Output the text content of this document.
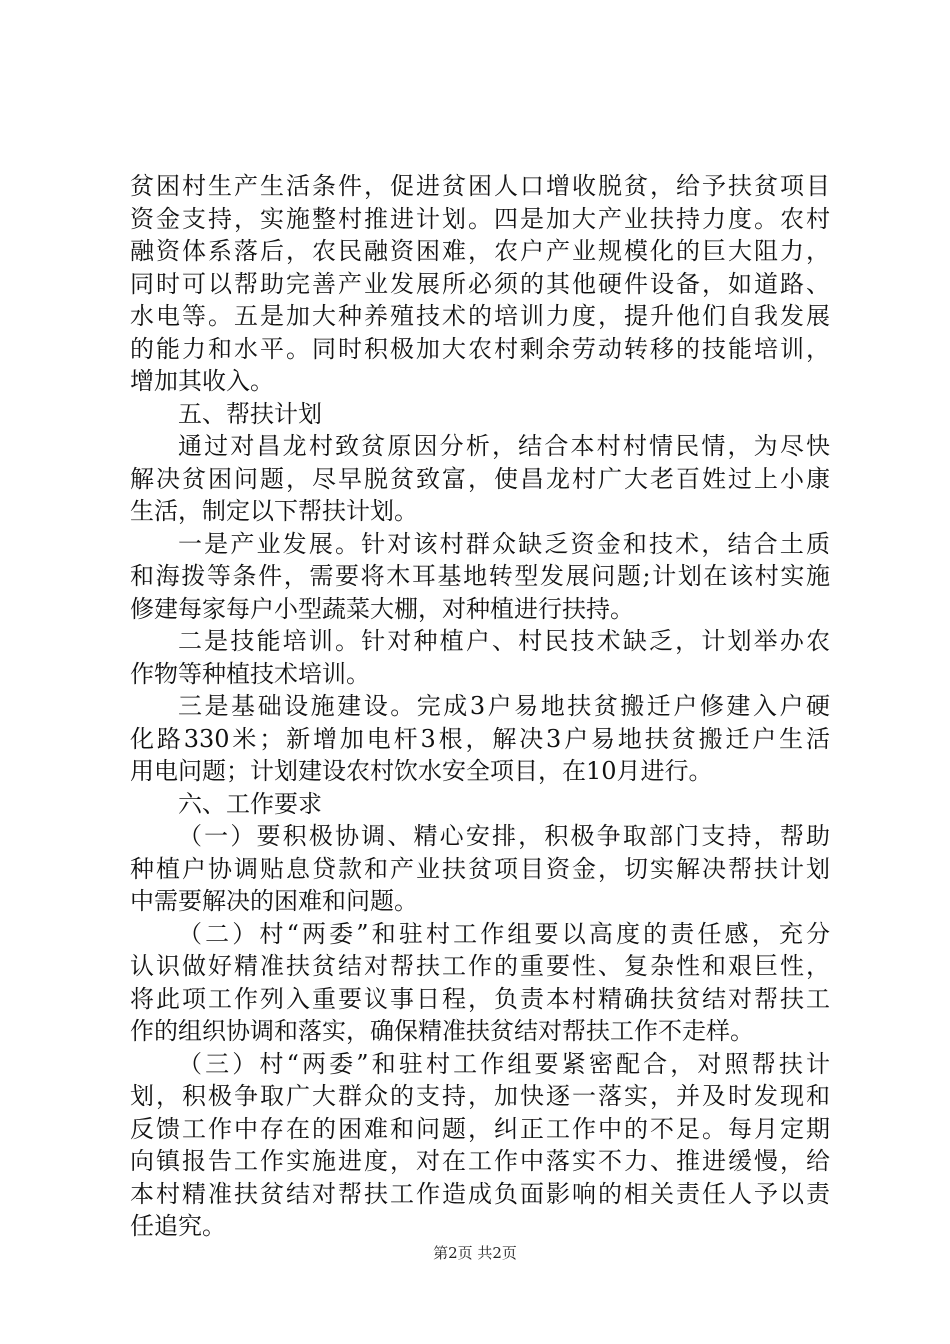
贫困村生产生活条件，促进贫困人口增收脱贫，给予扶贫项目
资金支持，实施整村推进计划。四是加大产业扶持力度。农村
融资体系落后，农民融资困难，农户产业规模化的巨大阻力，
同时可以帮助完善产业发展所必须的其他硬件设备，如道路、
水电等。五是加大种养殖技术的培训力度，提升他们自我发展
的能力和水平。同时积极加大农村剩余劳动转移的技能培训，
增加其收入。
五、帮扶计划
通过对昌龙村致贫原因分析，结合本村村情民情，为尽快
解决贫困问题，尽早脱贫致富，使昌龙村广大老百姓过上小康
生活，制定以下帮扶计划。
一是产业发展。针对该村群众缺乏资金和技术，结合土质
和海拨等条件，需要将木耳基地转型发展问题;计划在该村实施
修建每家每户小型蔬菜大棚，对种植进行扶持。
二是技能培训。针对种植户、村民技术缺乏，计划举办农
作物等种植技术培训。
三是基础设施建设。完成3户易地扶贫搬迁户修建入户硬
化路330米；新增加电杆3根，解决3户易地扶贫搬迁户生活
用电问题；计划建设农村饮水安全项目，在10月进行。
六、工作要求
（一）要积极协调、精心安排，积极争取部门支持，帮助
种植户协调贴息贷款和产业扶贫项目资金，切实解决帮扶计划
中需要解决的困难和问题。
（二）村“两委”和驻村工作组要以高度的责任感，充分
认识做好精准扶贫结对帮扶工作的重要性、复杂性和艰巨性，
将此项工作列入重要议事日程，负责本村精确扶贫结对帮扶工
作的组织协调和落实，确保精准扶贫结对帮扶工作不走样。
（三）村“两委”和驻村工作组要紧密配合，对照帮扶计
划，积极争取广大群众的支持，加快逐一落实，并及时发现和
反馈工作中存在的困难和问题，纠正工作中的不足。每月定期
向镇报告工作实施进度，对在工作中落实不力、推进缓慢，给
本村精准扶贫结对帮扶工作造成负面影响的相关责任人予以责
任追究。
第2页 共2页
